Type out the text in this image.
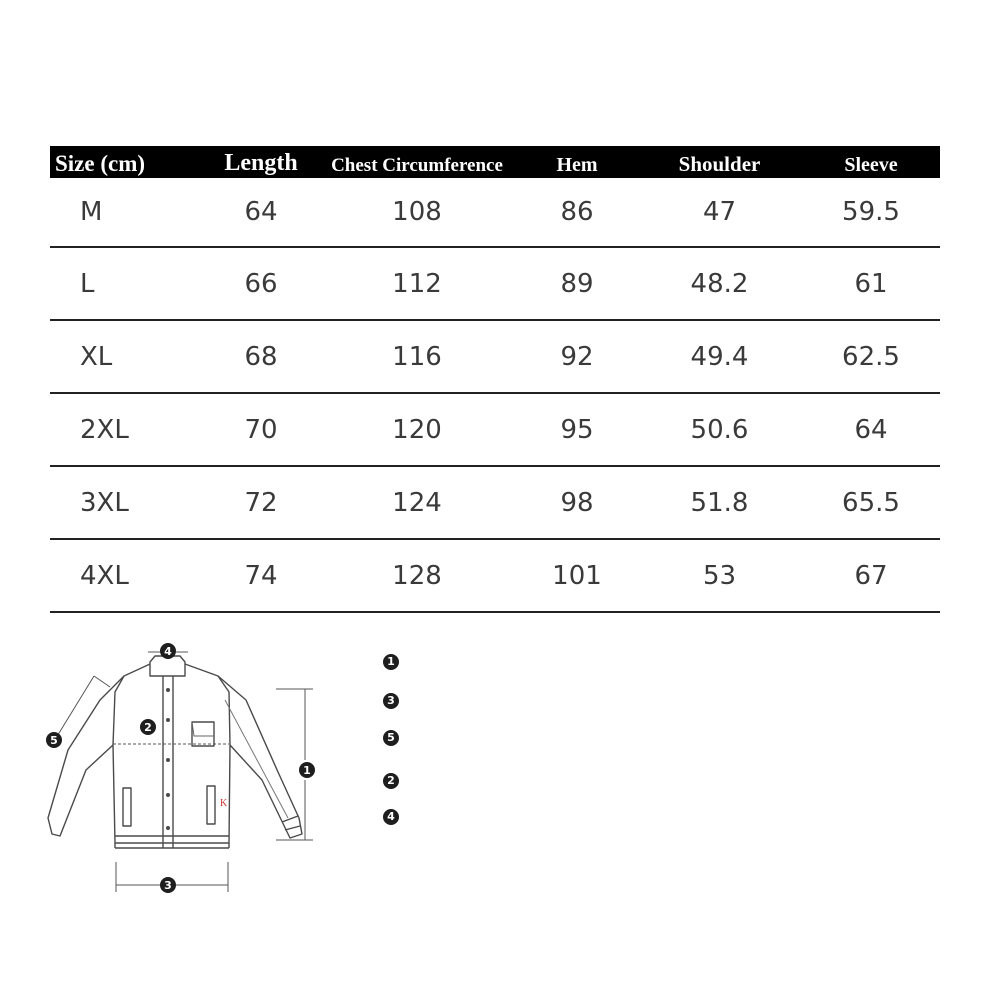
Size (cm)	Length	Chest Circumference	Hem	Shoulder	Sleeve
M	64	108	86	47	59.5
L	66	112	89	48.2	61
XL	68	116	92	49.4	62.5
2XL	70	120	95	50.6	64
3XL	72	124	98	51.8	65.5
4XL	74	128	101	53	67
K
1
2
3
4
5
1
3
5
2
4
